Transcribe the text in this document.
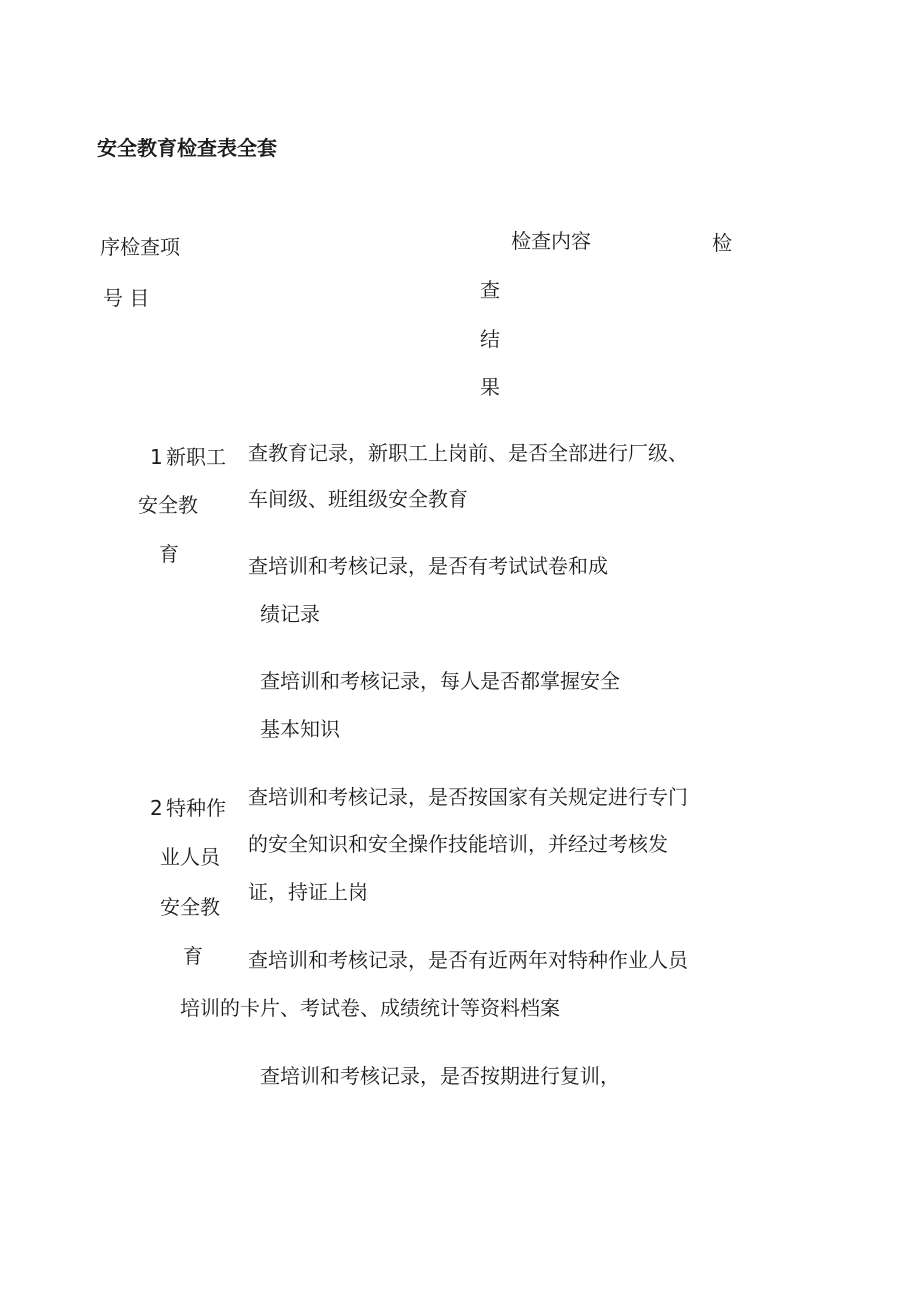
安全教育检查表全套
序检查项
号 目
检查内容	检
查
结
果
1 新职工
安全教
育
查教育记录，新职工上岗前、是否全部进行厂级、
车间级、班组级安全教育
查培训和考核记录，是否有考试试卷和成
绩记录
查培训和考核记录，每人是否都掌握安全
基本知识
2 特种作
业人员
安全教
育
查培训和考核记录，是否按国家有关规定进行专门
的安全知识和安全操作技能培训，并经过考核发
证，持证上岗
查培训和考核记录，是否有近两年对特种作业人员
培训的卡片、考试卷、成绩统计等资料档案
查培训和考核记录，是否按期进行复训，
